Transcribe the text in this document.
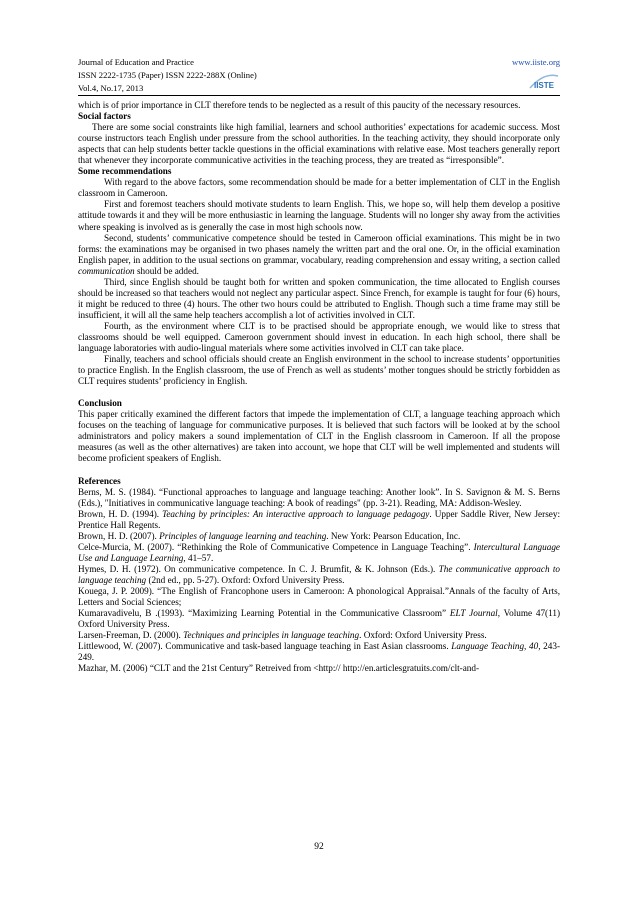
Journal of Education and Practice
ISSN 2222-1735 (Paper) ISSN 2222-288X (Online)
Vol.4, No.17, 2013
www.iiste.org
IISTE

which is of prior importance in CLT therefore tends to be neglected as a result of this paucity of the necessary resources.

Social factors

There are some social constraints like high familial, learners and school authorities’ expectations for academic success. Most course instructors teach English under pressure from the school authorities. In the teaching activity, they should incorporate only aspects that can help students better tackle questions in the official examinations with relative ease. Most teachers generally report that whenever they incorporate communicative activities in the teaching process, they are treated as “irresponsible”.

Some recommendations

With regard to the above factors, some recommendation should be made for a better implementation of CLT in the English classroom in Cameroon.

First and foremost teachers should motivate students to learn English. This, we hope so, will help them develop a positive attitude towards it and they will be more enthusiastic in learning the language. Students will no longer shy away from the activities where speaking is involved as is generally the case in most high schools now.

Second, students’ communicative competence should be tested in Cameroon official examinations. This might be in two forms: the examinations may be organised in two phases namely the written part and the oral one. Or, in the official examination English paper, in addition to the usual sections on grammar, vocabulary, reading comprehension and essay writing, a section called communication should be added.

Third, since English should be taught both for written and spoken communication, the time allocated to English courses should be increased so that teachers would not neglect any particular aspect. Since French, for example is taught for four (6) hours, it might be reduced to three (4) hours. The other two hours could be attributed to English. Though such a time frame may still be insufficient, it will all the same help teachers accomplish a lot of activities involved in CLT.

Fourth, as the environment where CLT is to be practised should be appropriate enough, we would like to stress that classrooms should be well equipped. Cameroon government should invest in education. In each high school, there shall be language laboratories with audio-lingual materials where some activities involved in CLT can take place.

Finally, teachers and school officials should create an English environment in the school to increase students’ opportunities to practice English. In the English classroom, the use of French as well as students’ mother tongues should be strictly forbidden as CLT requires students’ proficiency in English.

Conclusion

This paper critically examined the different factors that impede the implementation of CLT, a language teaching approach which focuses on the teaching of language for communicative purposes. It is believed that such factors will be looked at by the school administrators and policy makers a sound implementation of CLT in the English classroom in Cameroon. If all the propose measures (as well as the other alternatives) are taken into account, we hope that CLT will be well implemented and students will become proficient speakers of English.

References

Berns, M. S. (1984). “Functional approaches to language and language teaching: Another look”. In S. Savignon & M. S. Berns (Eds.), "Initiatives in communicative language teaching: A book of readings" (pp. 3-21). Reading, MA: Addison-Wesley.

Brown, H. D. (1994). Teaching by principles: An interactive approach to language pedagogy. Upper Saddle River, New Jersey: Prentice Hall Regents.

Brown, H. D. (2007). Principles of language learning and teaching. New York: Pearson Education, Inc.

Celce-Murcia, M. (2007). “Rethinking the Role of Communicative Competence in Language Teaching”. Intercultural Language Use and Language Learning, 41–57.

Hymes, D. H. (1972). On communicative competence. In C. J. Brumfit, & K. Johnson (Eds.). The communicative approach to language teaching (2nd ed., pp. 5-27). Oxford: Oxford University Press.

Kouega, J. P. 2009). “The English of Francophone users in Cameroon: A phonological Appraisal.”Annals of the faculty of Arts, Letters and Social Sciences;

Kumaravadivelu, B .(1993). “Maximizing Learning Potential in the Communicative Classroom” ELT Journal, Volume 47(11) Oxford University Press.

Larsen-Freeman, D. (2000). Techniques and principles in language teaching. Oxford: Oxford University Press.

Littlewood, W. (2007). Communicative and task-based language teaching in East Asian classrooms. Language Teaching, 40, 243-249.

Mazhar, M. (2006) “CLT and the 21st Century” Retreived from <http:// http://en.articlesgratuits.com/clt-and-

92
